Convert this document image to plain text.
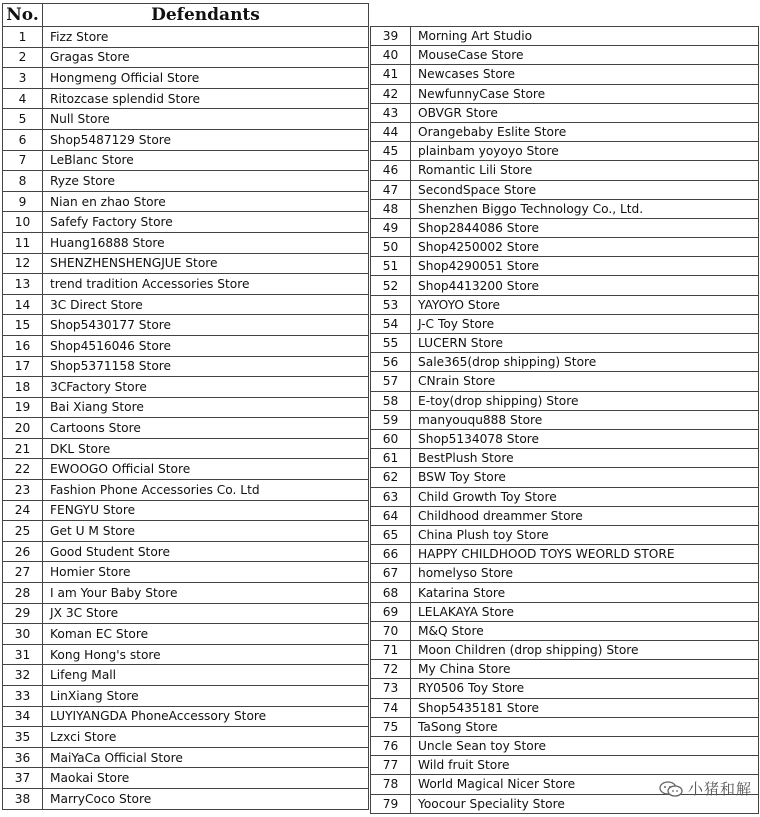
No.	Defendants
1	Fizz Store
2	Gragas Store
3	Hongmeng Official Store
4	Ritozcase splendid Store
5	Null Store
6	Shop5487129 Store
7	LeBlanc Store
8	Ryze Store
9	Nian en zhao Store
10	Safefy Factory Store
11	Huang16888 Store
12	SHENZHENSHENGJUE Store
13	trend tradition Accessories Store
14	3C Direct Store
15	Shop5430177 Store
16	Shop4516046 Store
17	Shop5371158 Store
18	3CFactory Store
19	Bai Xiang Store
20	Cartoons Store
21	DKL Store
22	EWOOGO Official Store
23	Fashion Phone Accessories Co. Ltd
24	FENGYU Store
25	Get U M Store
26	Good Student Store
27	Homier Store
28	I am Your Baby Store
29	JX 3C Store
30	Koman EC Store
31	Kong Hong's store
32	Lifeng Mall
33	LinXiang Store
34	LUYIYANGDA PhoneAccessory Store
35	Lzxci Store
36	MaiYaCa Official Store
37	Maokai Store
38	MarryCoco Store
39	Morning Art Studio
40	MouseCase Store
41	Newcases Store
42	NewfunnyCase Store
43	OBVGR Store
44	Orangebaby Eslite Store
45	plainbam yoyoyo Store
46	Romantic Lili Store
47	SecondSpace Store
48	Shenzhen Biggo Technology Co., Ltd.
49	Shop2844086 Store
50	Shop4250002 Store
51	Shop4290051 Store
52	Shop4413200 Store
53	YAYOYO Store
54	J-C Toy Store
55	LUCERN Store
56	Sale365(drop shipping) Store
57	CNrain Store
58	E-toy(drop shipping) Store
59	manyouqu888 Store
60	Shop5134078 Store
61	BestPlush Store
62	BSW Toy Store
63	Child Growth Toy Store
64	Childhood dreammer Store
65	China Plush toy Store
66	HAPPY CHILDHOOD TOYS WEORLD STORE
67	homelyso Store
68	Katarina Store
69	LELAKAYA Store
70	M&Q Store
71	Moon Children (drop shipping) Store
72	My China Store
73	RY0506 Toy Store
74	Shop5435181 Store
75	TaSong Store
76	Uncle Sean toy Store
77	Wild fruit Store
78	World Magical Nicer Store
79	Yoocour Speciality Store
小猪和解
